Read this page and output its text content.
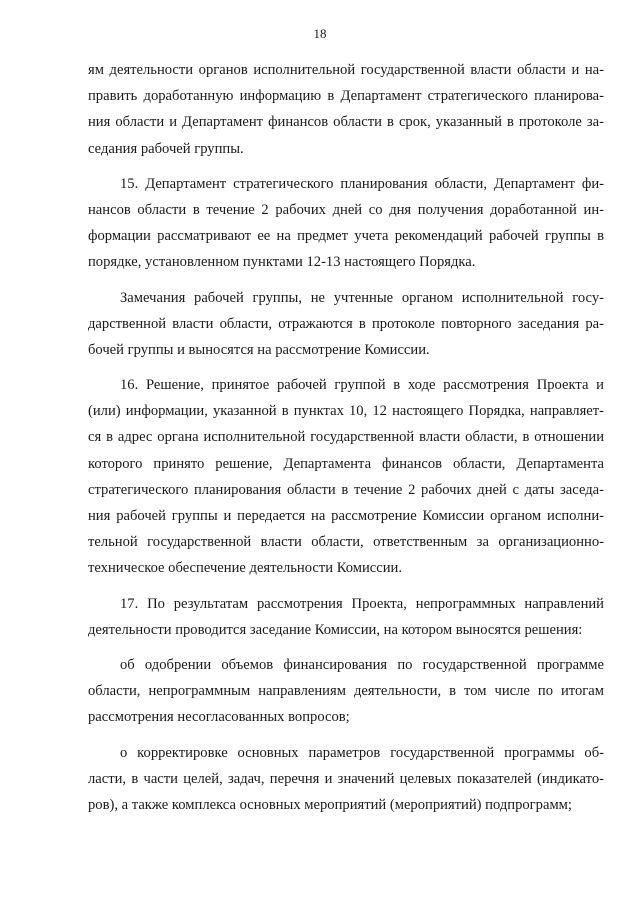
18
ям деятельности органов исполнительной государственной власти области и на-
править доработанную информацию в Департамент стратегического планирова-
ния области и Департамент финансов области в срок, указанный в протоколе за-
седания рабочей группы.
15. Департамент стратегического планирования области, Департамент фи-
нансов области в течение 2 рабочих дней со дня получения доработанной ин-
формации рассматривают ее на предмет учета рекомендаций рабочей группы в
порядке, установленном пунктами 12-13 настоящего Порядка.
Замечания рабочей группы, не учтенные органом исполнительной госу-
дарственной власти области, отражаются в протоколе повторного заседания ра-
бочей группы и выносятся на рассмотрение Комиссии.
16. Решение, принятое рабочей группой в ходе рассмотрения Проекта и
(или) информации, указанной в пунктах 10, 12 настоящего Порядка, направляет-
ся в адрес органа исполнительной государственной власти области, в отношении
которого принято решение, Департамента финансов области, Департамента
стратегического планирования области в течение 2 рабочих дней с даты заседа-
ния рабочей группы и передается на рассмотрение Комиссии органом исполни-
тельной государственной власти области, ответственным за организационно-
техническое обеспечение деятельности Комиссии.
17. По результатам рассмотрения Проекта, непрограммных направлений
деятельности проводится заседание Комиссии, на котором выносятся решения:
об одобрении объемов финансирования по государственной программе
области, непрограммным направлениям деятельности, в том числе по итогам
рассмотрения несогласованных вопросов;
о корректировке основных параметров государственной программы об-
ласти, в части целей, задач, перечня и значений целевых показателей (индикато-
ров), а также комплекса основных мероприятий (мероприятий) подпрограмм;
